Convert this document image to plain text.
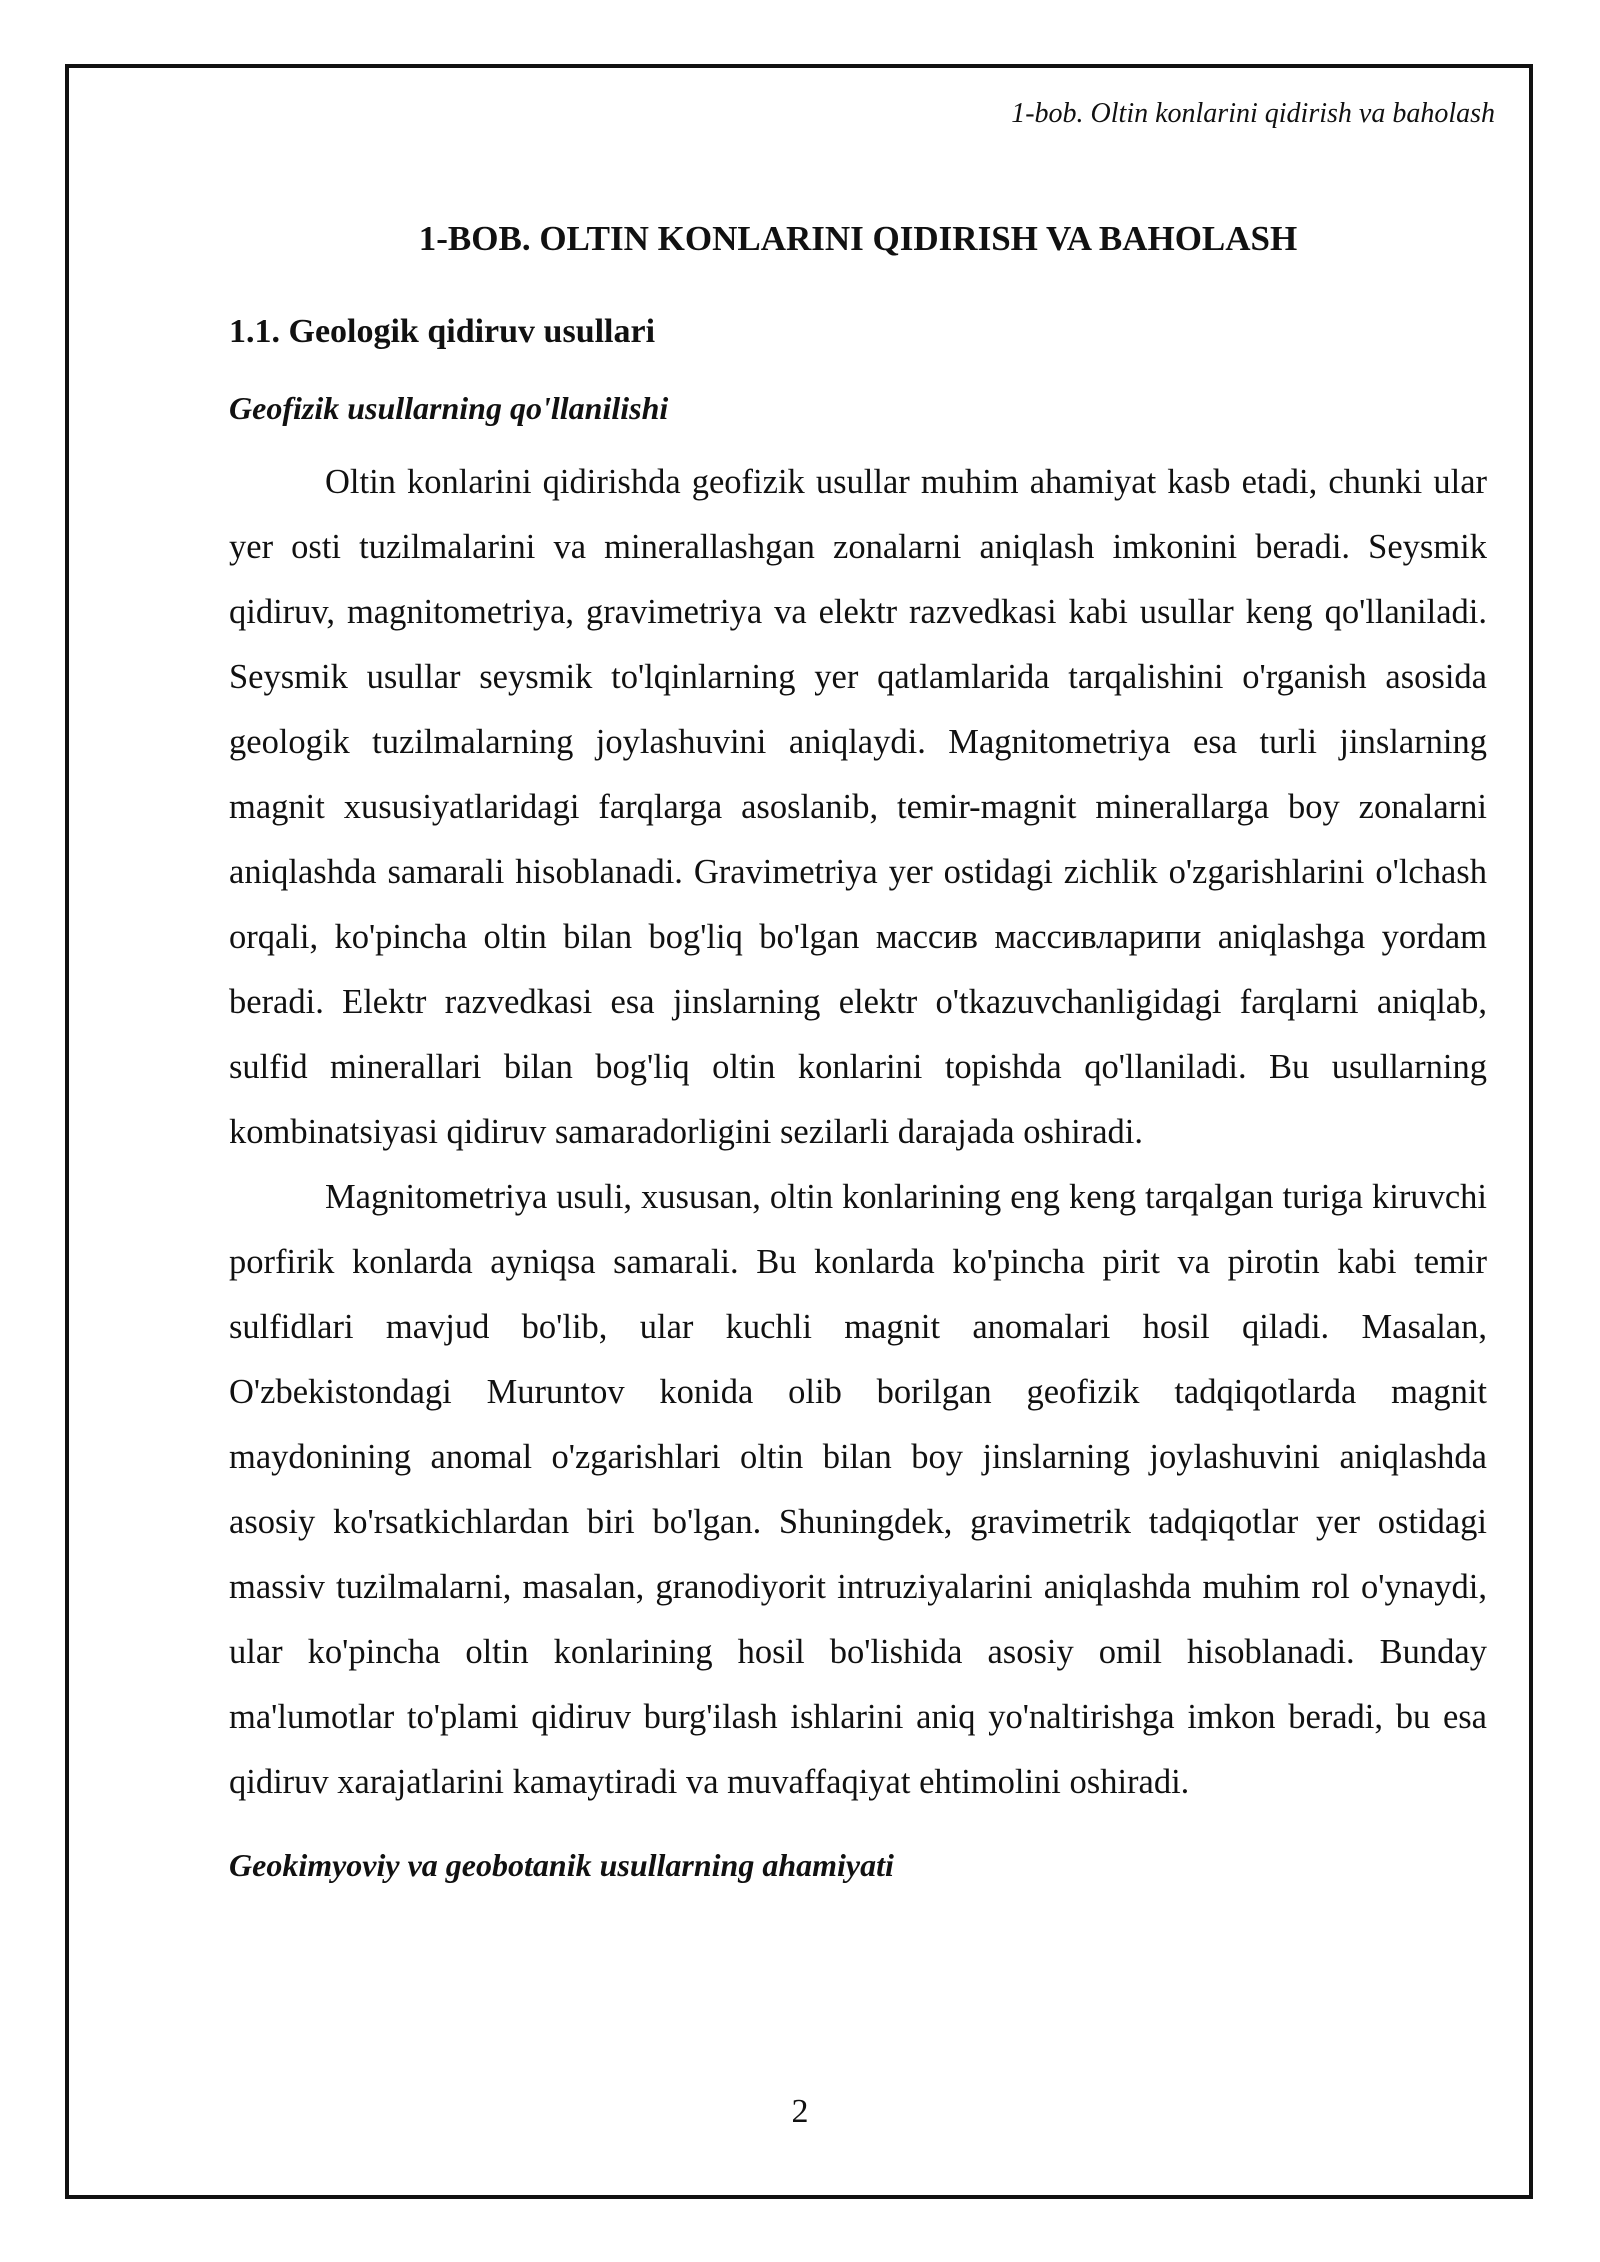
1-bob. Oltin konlarini qidirish va baholash
1-BOB. OLTIN KONLARINI QIDIRISH VA BAHOLASH
1.1. Geologik qidiruv usullari
Geofizik usullarning qo'llanilishi

Oltin konlarini qidirishda geofizik usullar muhim ahamiyat kasb etadi, chunki ular yer osti tuzilmalarini va minerallashgan zonalarni aniqlash imkonini beradi. Seysmik qidiruv, magnitometriya, gravimetriya va elektr razvedkasi kabi usullar keng qo'llaniladi. Seysmik usullar seysmik to'lqinlarning yer qatlamlarida tarqalishini o'rganish asosida geologik tuzilmalarning joylashuvini aniqlaydi. Magnitometriya esa turli jinslarning magnit xususiyatlaridagi farqlarga asoslanib, temir-magnit minerallarga boy zonalarni aniqlashda samarali hisoblanadi. Gravimetriya yer ostidagi zichlik o'zgarishlarini o'lchash orqali, ko'pincha oltin bilan bog'liq bo'lgan массив массивларипи aniqlashga yordam beradi. Elektr razvedkasi esa jinslarning elektr o'tkazuvchanligidagi farqlarni aniqlab, sulfid minerallari bilan bog'liq oltin konlarini topishda qo'llaniladi. Bu usullarning kombinatsiyasi qidiruv samaradorligini sezilarli darajada oshiradi.

Magnitometriya usuli, xususan, oltin konlarining eng keng tarqalgan turiga kiruvchi porfirik konlarda ayniqsa samarali. Bu konlarda ko'pincha pirit va pirotin kabi temir sulfidlari mavjud bo'lib, ular kuchli magnit anomalari hosil qiladi. Masalan, O'zbekistondagi Muruntov konida olib borilgan geofizik tadqiqotlarda magnit maydonining anomal o'zgarishlari oltin bilan boy jinslarning joylashuvini aniqlashda asosiy ko'rsatkichlardan biri bo'lgan. Shuningdek, gravimetrik tadqiqotlar yer ostidagi massiv tuzilmalarni, masalan, granodiyorit intruziyalarini aniqlashda muhim rol o'ynaydi, ular ko'pincha oltin konlarining hosil bo'lishida asosiy omil hisoblanadi. Bunday ma'lumotlar to'plami qidiruv burg'ilash ishlarini aniq yo'naltirishga imkon beradi, bu esa qidiruv xarajatlarini kamaytiradi va muvaffaqiyat ehtimolini oshiradi.

Geokimyoviy va geobotanik usullarning ahamiyati
2
